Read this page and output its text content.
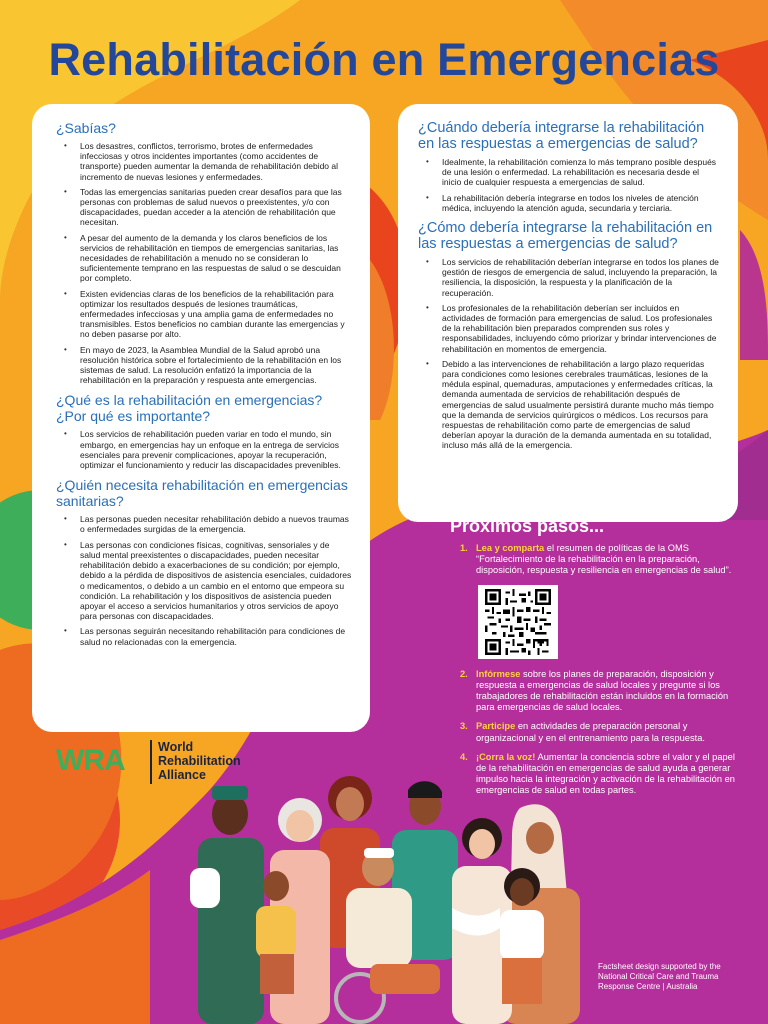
Rehabilitación en Emergencias
¿Sabías?
• Los desastres, conflictos, terrorismo, brotes de enfermedades infecciosas y otros incidentes importantes (como accidentes de transporte) pueden aumentar la demanda de rehabilitación debido al incremento de nuevas lesiones y enfermedades.
• Todas las emergencias sanitarias pueden crear desafíos para que las personas con problemas de salud nuevos o preexistentes, y/o con discapacidades, puedan acceder a la atención de rehabilitación que necesitan.
• A pesar del aumento de la demanda y los claros beneficios de los servicios de rehabilitación en tiempos de emergencias sanitarias, las necesidades de rehabilitación a menudo no se consideran lo suficientemente temprano en las respuestas de salud o se descuidan por completo.
• Existen evidencias claras de los beneficios de la rehabilitación para optimizar los resultados después de lesiones traumáticas, enfermedades infecciosas y una amplia gama de enfermedades no transmisibles. Estos beneficios no cambian durante las emergencias y no deben pasarse por alto.
• En mayo de 2023, la Asamblea Mundial de la Salud aprobó una resolución histórica sobre el fortalecimiento de la rehabilitación en los sistemas de salud. La resolución enfatizó la importancia de la rehabilitación en la preparación y respuesta ante emergencias.
¿Qué es la rehabilitación en emergencias? ¿Por qué es importante?
• Los servicios de rehabilitación pueden variar en todo el mundo, sin embargo, en emergencias hay un enfoque en la entrega de servicios esenciales para prevenir complicaciones, apoyar la recuperación, optimizar el funcionamiento y reducir las discapacidades prevenibles.
¿Quién necesita rehabilitación en emergencias sanitarias?
• Las personas pueden necesitar rehabilitación debido a nuevos traumas o enfermedades surgidas de la emergencia.
• Las personas con condiciones físicas, cognitivas, sensoriales y de salud mental preexistentes o discapacidades, pueden necesitar rehabilitación debido a exacerbaciones de su condición; por ejemplo, debido a la pérdida de dispositivos de asistencia esenciales, cuidadores o medicamentos, o debido a un cambio en el entorno que empeora su condición. La rehabilitación y los dispositivos de asistencia pueden apoyar el acceso a servicios humanitarios y otros servicios de apoyo para personas con discapacidades.
• Las personas seguirán necesitando rehabilitación para condiciones de salud no relacionadas con la emergencia.
¿Cuándo debería integrarse la rehabilitación en las respuestas a emergencias de salud?
• Idealmente, la rehabilitación comienza lo más temprano posible después de una lesión o enfermedad. La rehabilitación es necesaria desde el inicio de cualquier respuesta a emergencias de salud.
• La rehabilitación debería integrarse en todos los niveles de atención médica, incluyendo la atención aguda, secundaria y terciaria.
¿Cómo debería integrarse la rehabilitación en las respuestas a emergencias de salud?
• Los servicios de rehabilitación deberían integrarse en todos los planes de gestión de riesgos de emergencia de salud, incluyendo la preparación, la resiliencia, la disposición, la respuesta y la planificación de la recuperación.
• Los profesionales de la rehabilitación deberían ser incluidos en actividades de formación para emergencias de salud. Los profesionales de la rehabilitación bien preparados comprenden sus roles y responsabilidades, incluyendo cómo priorizar y brindar intervenciones de rehabilitación en momentos de emergencia.
• Debido a las intervenciones de rehabilitación a largo plazo requeridas para condiciones como lesiones cerebrales traumáticas, lesiones de la médula espinal, quemaduras, amputaciones y enfermedades críticas, la demanda aumentada de servicios de rehabilitación después de emergencias de salud usualmente persistirá durante mucho más tiempo que la demanda de servicios quirúrgicos o médicos. Los recursos para respuestas de rehabilitación como parte de emergencias de salud deberían apoyar la duración de la demanda aumentada en su totalidad, incluso más allá de la emergencia.
Próximos pasos...
1. Lea y comparta el resumen de políticas de la OMS “Fortalecimiento de la rehabilitación en la preparación, disposición, respuesta y resiliencia en emergencias de salud”.
2. Infórmese sobre los planes de preparación, disposición y respuesta a emergencias de salud locales y pregunte si los trabajadores de rehabilitación están incluidos en la formación para emergencias de salud locales.
3. Participe en actividades de preparación personal y organizacional y en el entrenamiento para la respuesta.
4. ¡Corra la voz! Aumentar la conciencia sobre el valor y el papel de la rehabilitación en emergencias de salud ayuda a generar impulso hacia la integración y activación de la rehabilitación en emergencias de salud en todas partes.
WRA	World
Rehabilitation
Alliance
Factsheet design supported by the National Critical Care and Trauma Response Centre | Australia
